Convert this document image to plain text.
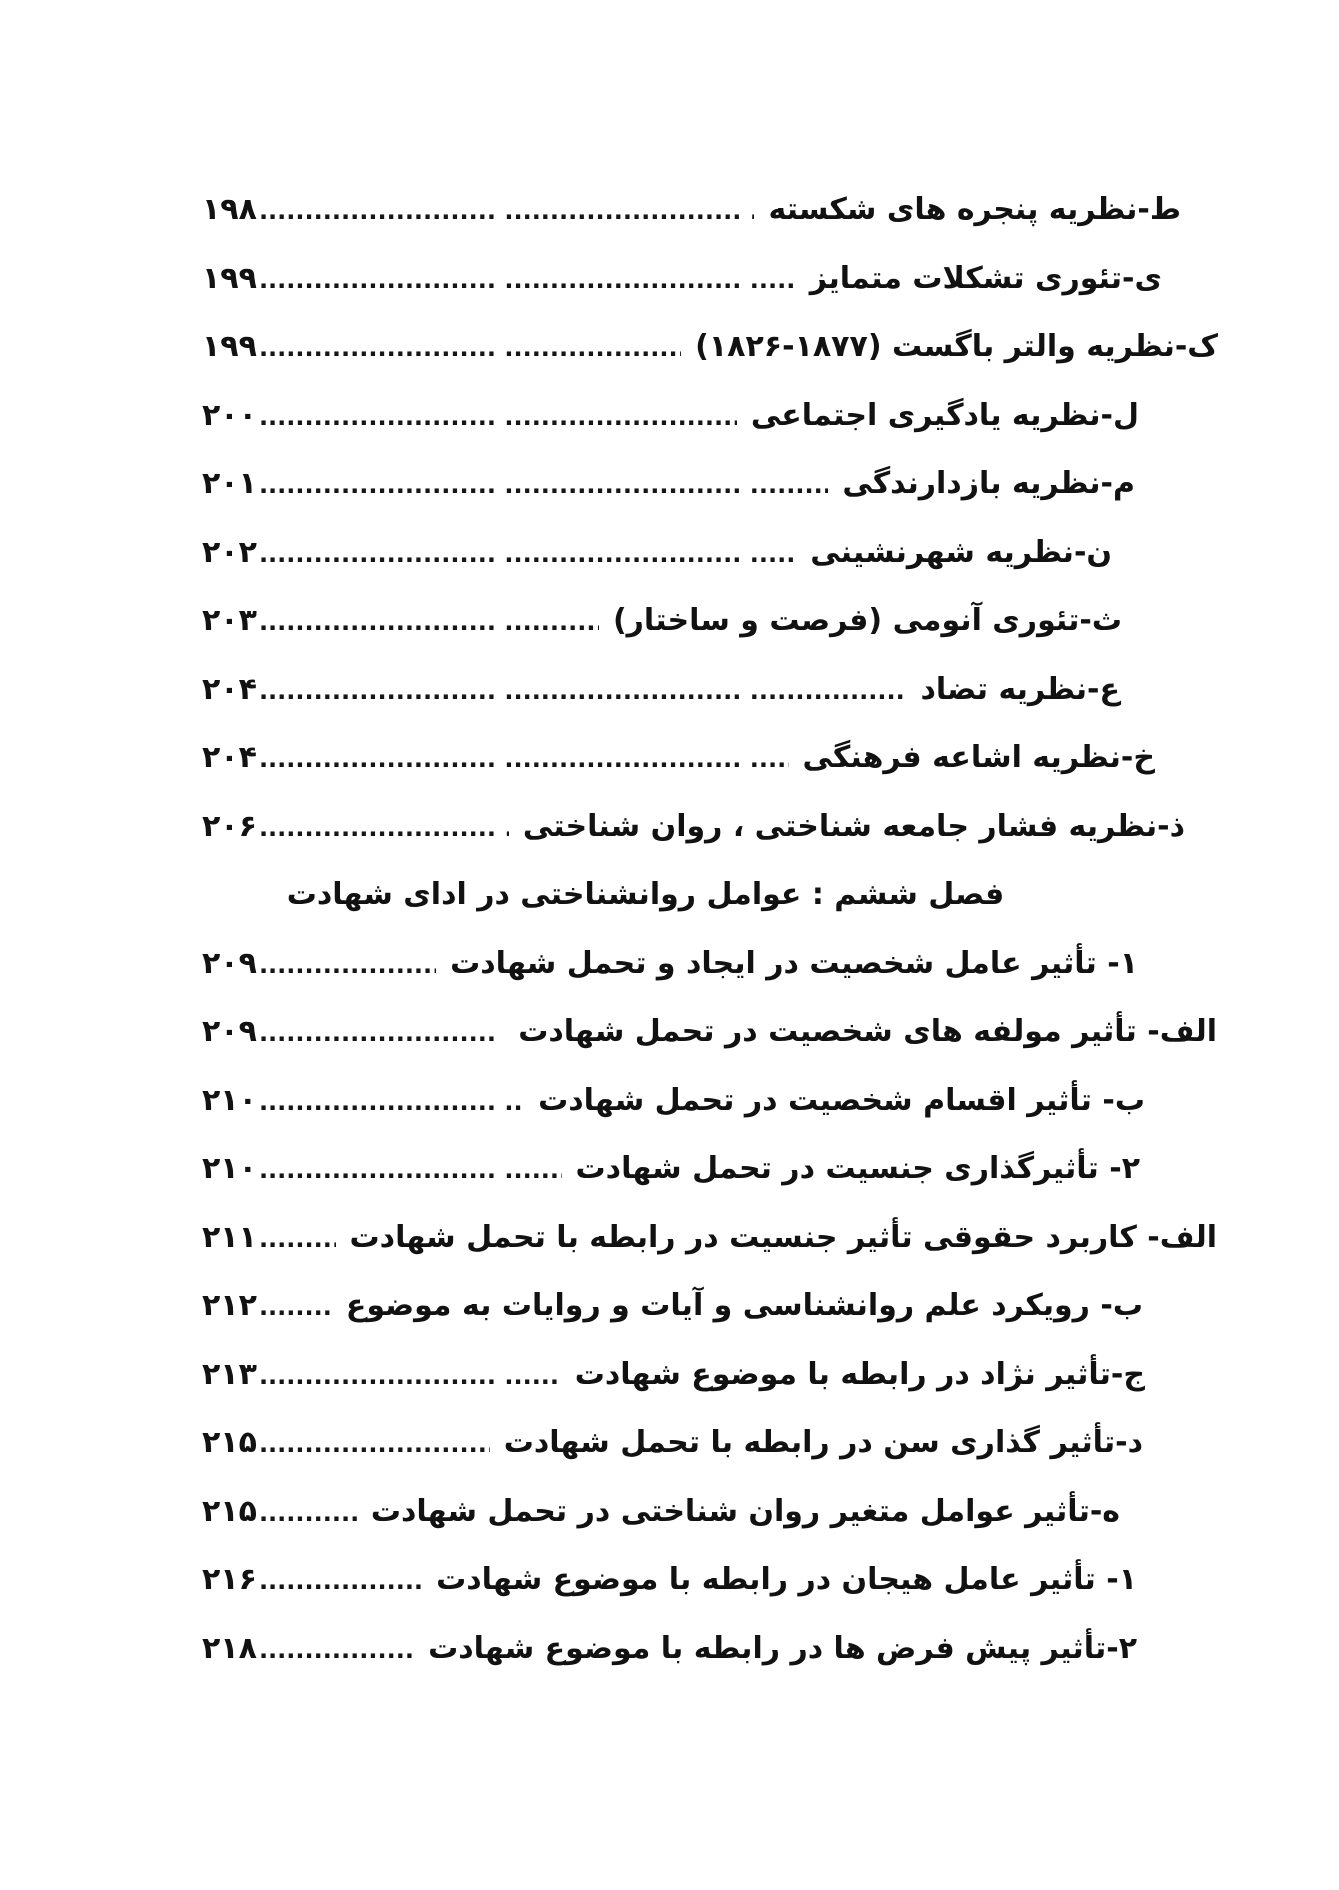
ط-نظریه پنجره های شکسته
.....
۱۹۸
ی-تئوری تشکلات متمایز
.....
۱۹۹
ک-نظریه والتر باگست (۱۸۷۷-۱۸۲۶)
.....
۱۹۹
ل-نظریه یادگیری اجتماعی
.....
۲۰۰
م-نظریه بازدارندگی
.....
۲۰۱
ن-نظریه شهرنشینی
.....
۲۰۲
ث-تئوری آنومی (فرصت و ساختار)
.....
۲۰۳
ع-نظریه تضاد
.....
۲۰۴
خ-نظریه اشاعه فرهنگی
.....
۲۰۴
ذ-نظریه فشار جامعه شناختی ، روان شناختی
.....
۲۰۶
فصل ششم : عوامل روانشناختی در ادای شهادت
۱- تأثیر عامل شخصیت در ایجاد و تحمل شهادت
.....
۲۰۹
الف- تأثیر مولفه های شخصیت در تحمل شهادت
.....
۲۰۹
ب- تأثیر اقسام شخصیت در تحمل شهادت
.....
۲۱۰
۲- تأثیرگذاری جنسیت در تحمل شهادت
.....
۲۱۰
الف- کاربرد حقوقی تأثیر جنسیت در رابطه با تحمل شهادت
.....
۲۱۱
ب- رویکرد علم روانشناسی و آیات و روایات به موضوع
.....
۲۱۲
ج-تأثیر نژاد در رابطه با موضوع شهادت
.....
۲۱۳
د-تأثیر گذاری سن در رابطه با تحمل شهادت
.....
۲۱۵
ه-تأثیر عوامل متغیر روان شناختی در تحمل شهادت
.....
۲۱۵
۱- تأثیر عامل هیجان در رابطه با موضوع شهادت
.....
۲۱۶
۲-تأثیر پیش فرض ها در رابطه با موضوع شهادت
.....
۲۱۸
